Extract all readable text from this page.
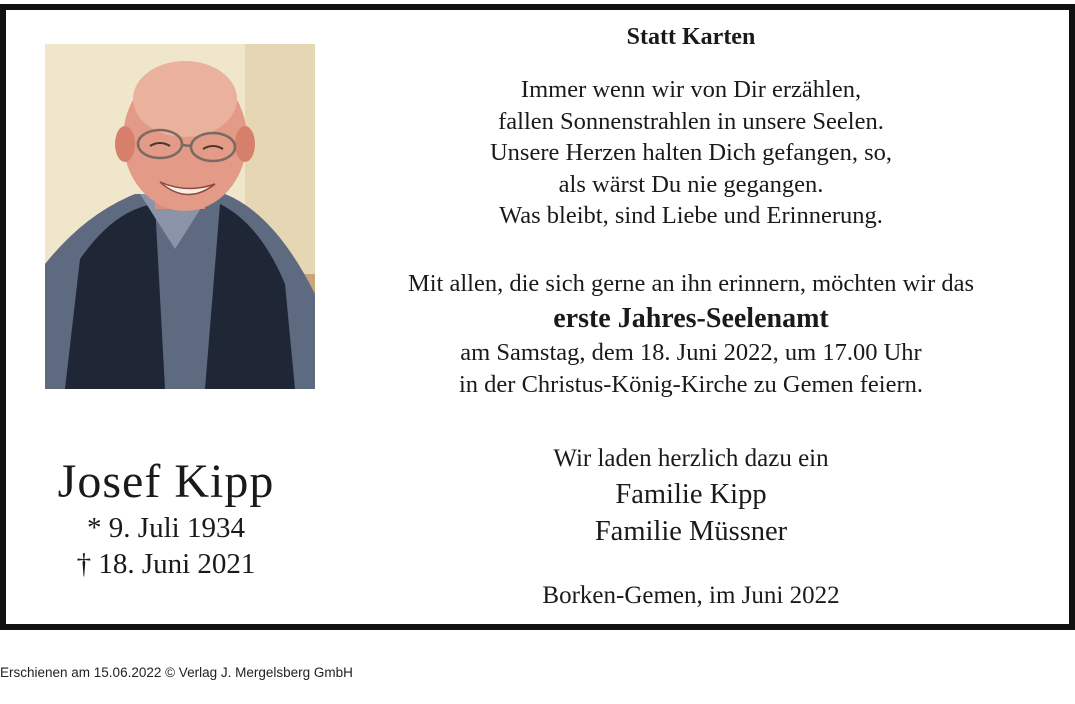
Josef Kipp
* 9. Juli 1934
† 18. Juni 2021
Statt Karten
Immer wenn wir von Dir erzählen,
fallen Sonnenstrahlen in unsere Seelen.
Unsere Herzen halten Dich gefangen, so,
als wärst Du nie gegangen.
Was bleibt, sind Liebe und Erinnerung.
Mit allen, die sich gerne an ihn erinnern, möchten wir das
erste Jahres-Seelenamt
am Samstag, dem 18. Juni 2022, um 17.00 Uhr
in der Christus-König-Kirche zu Gemen feiern.
Wir laden herzlich dazu ein
Familie Kipp
Familie Müssner
Borken-Gemen, im Juni 2022
Erschienen am 15.06.2022 © Verlag J. Mergelsberg GmbH
